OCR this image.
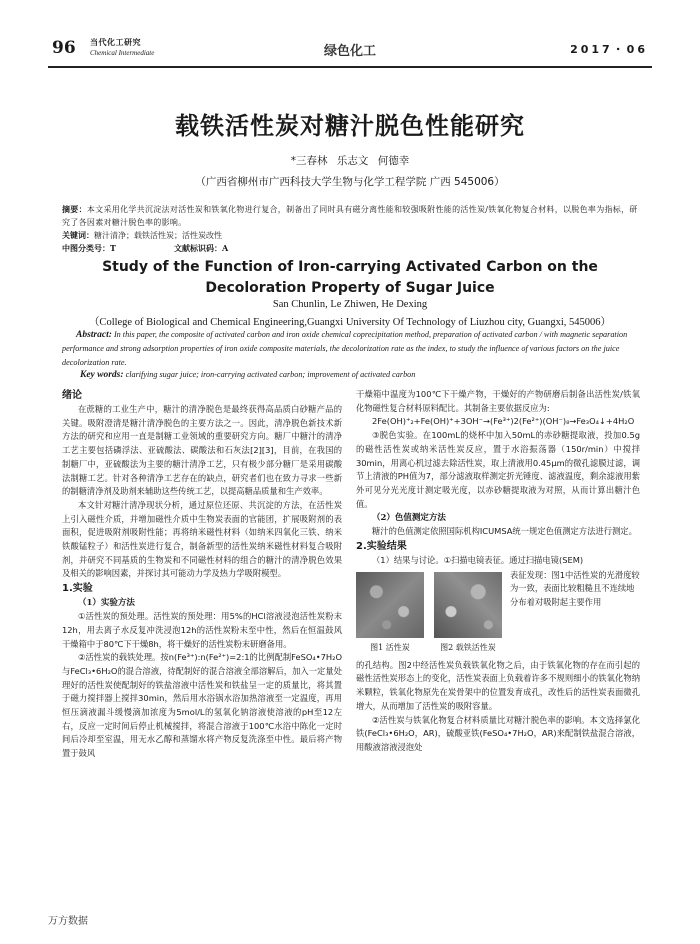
96 当代化工研究
Chemical Intermediate	绿色化工	2017・06
载铁活性炭对糖汁脱色性能研究
*三春林 乐志文 何德幸
（广西省柳州市广西科技大学生物与化学工程学院 广西 545006）
摘要：本文采用化学共沉淀法对活性炭和铁氧化物进行复合，制备出了同时具有磁分离性能和较强吸附性能的活性炭/铁氧化物复合材料，以脱色率为指标，研究了各因素对糖汁脱色率的影响。
关键词：糖汁清净；载铁活性炭；活性炭改性
中图分类号：T	文献标识码：A
Study of the Function of Iron-carrying Activated Carbon on the Decoloration Property of Sugar Juice
San Chunlin, Le Zhiwen, He Dexing
（College of Biological and Chemical Engineering,Guangxi University Of Technology of Liuzhou city, Guangxi, 545006）
Abstract: In this paper, the composite of activated carbon and iron oxide chemical coprecipitation method, preparation of activated carbon / with magnetic separation performance and strong adsorption properties of iron oxide composite materials, the decolorization rate as the index, to study the influence of various factors on the juice decolorization rate.
Key words: clarifying sugar juice; iron-carrying activated carbon; improvement of activated carbon
绪论

在蔗糖的工业生产中，糖汁的清净脱色是最终获得高品质白砂糖产品的关键。吸附澄清是糖汁清净脱色的主要方法之一。因此，清净脱色新技术新方法的研究和应用一直是制糖工业领域的重要研究方向。糖厂中糖汁的清净工艺主要包括磷浮法、亚硫酸法、碳酸法和石灰法[2][3]，目前，在我国的制糖厂中，亚硫酸法为主要的糖汁清净工艺，只有极少部分糖厂是采用碳酸法制糖工艺。针对各种清净工艺存在的缺点，研究者们也在致力寻求一些新的制糖清净剂及助剂来辅助这些传统工艺，以提高糖品质量和生产效率。

本文针对糖汁清净现状分析，通过原位还原、共沉淀的方法，在活性炭上引入磁性介质，并增加磁性介质中生物炭表面的官能团，扩展吸附剂的表面积，促进吸附剂吸附性能；再将纳米磁性材料（如纳米四氧化三铁、纳米铁酸锰粒子）和活性炭进行复合，制备新型的活性炭纳米磁性材料复合吸附剂，并研究不同基质的生物炭和不同磁性材料的组合的糖汁的清净脱色效果及相关的影响因素，并探讨其可能动力学及热力学吸附模型。

1.实验
（1）实验方法

①活性炭的预处理。活性炭的预处理：用5%的HCl溶液浸泡活性炭粉末12h，用去离子水反复冲洗浸泡12h的活性炭粉末至中性，然后在恒温鼓风干燥箱中于80℃下干燥8h，将干燥好的活性炭粉末研磨备用。

②活性炭的载铁处理。按n(Fe³⁺):n(Fe²⁺)=2:1的比例配制FeSO₄•7H₂O与FeCl₃•6H₂O的混合溶液，待配制好的混合溶液全部溶解后，加入一定量处理好的活性炭使配制好的铁盐溶液中活性炭和铁盐呈一定的质量比，将其置于磁力搅拌器上搅拌30min，然后用水浴锅水浴加热溶液至一定温度，再用恒压滴液漏斗缓慢滴加浓度为5mol/L的氢氧化钠溶液使溶液的pH至12左右，反应一定时间后停止机械搅拌，将混合溶液于100℃水浴中陈化一定时间后冷却至室温，用无水乙醇和蒸馏水将产物反复洗涤至中性。最后将产物置于鼓风

干燥箱中温度为100℃下干燥产物，干燥好的产物研磨后制备出活性炭/铁氧化物磁性复合材料原料配比。其制备主要依据反应为:

2Fe(OH)⁺₂+Fe(OH)⁺+3OH⁻→(Fe³⁺)2(Fe²⁺)(OH⁻)₈→Fe₃O₄↓+4H₂O

③脱色实验。在100mL的烧杯中加入50mL的赤砂糖提取液，投加0.5g的磁性活性炭或纳米活性炭反应，置于水浴振荡器（150r/min）中搅拌30min，用离心机过滤去除活性炭，取上清液用0.45μm的微孔滤膜过滤，调节上清液的PH值为7，部分滤液取样测定折光锤度、滤液温度，剩余滤液用紫外可见分光光度计测定吸光度，以赤砂糖提取液为对照，从而计算出糖汁色值。

（2）色值测定方法

糖汁的色值测定依照国际机构ICUMSA统一规定色值测定方法进行测定。

2.实验结果

（1）结果与讨论。①扫描电镜表征。通过扫描电镜(SEM)

图1 活性炭	图2 载铁活性炭
表征发现：图1中活性炭的光滑度较为一致，表面比较粗糙且不连续地分布着对吸附起主要作用

的孔结构。图2中经活性炭负载铁氧化物之后，由于铁氧化物的存在而引起的磁性活性炭形态上的变化，活性炭表面上负载着许多不规则细小的铁氧化物纳米颗粒，铁氧化物原先在炭骨架中的位置发育成孔，改性后的活性炭表面微孔增大，从而增加了活性炭的吸附容量。

②活性炭与铁氧化物复合材料质量比对糖汁脱色率的影响。本文选择氯化铁(FeCl₃•6H₂O，AR)，硫酸亚铁(FeSO₄•7H₂O，AR)来配制铁盐混合溶液，用酸液溶液浸泡处

万方数据
